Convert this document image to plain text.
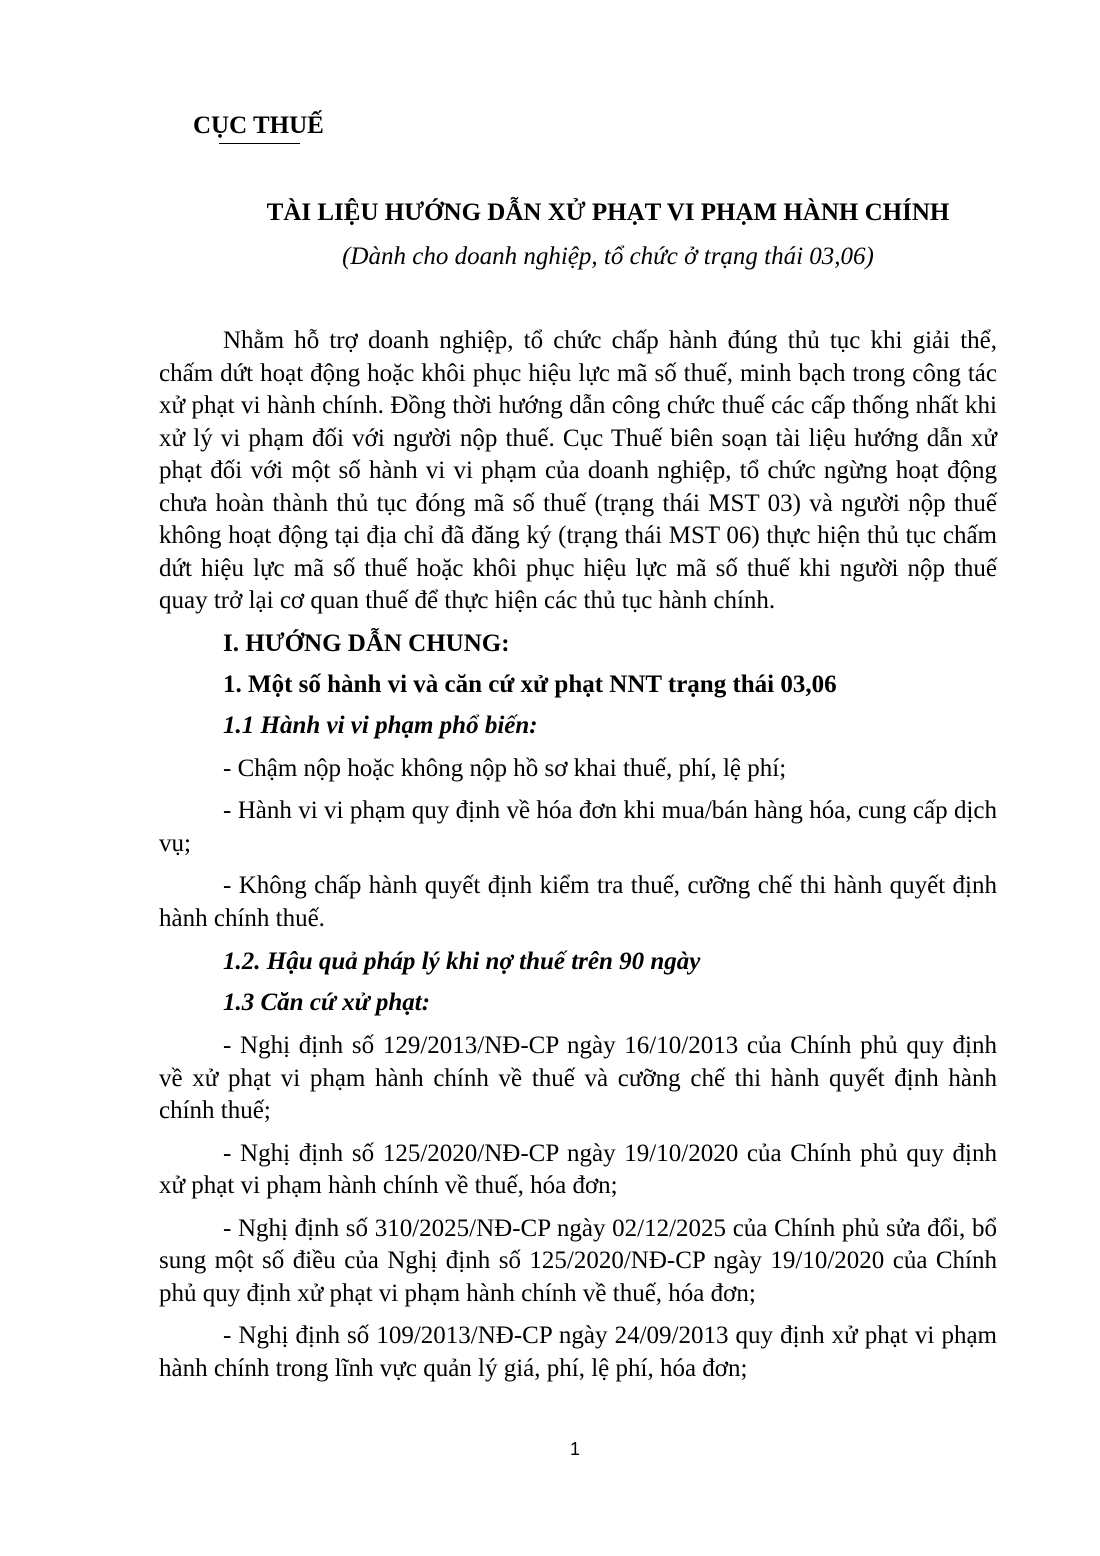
CỤC THUẾ

TÀI LIỆU HƯỚNG DẪN XỬ PHẠT VI PHẠM HÀNH CHÍNH

(Dành cho doanh nghiệp, tổ chức ở trạng thái 03,06)

Nhằm hỗ trợ doanh nghiệp, tổ chức chấp hành đúng thủ tục khi giải thể, chấm dứt hoạt động hoặc khôi phục hiệu lực mã số thuế, minh bạch trong công tác xử phạt vi hành chính. Đồng thời hướng dẫn công chức thuế các cấp thống nhất khi xử lý vi phạm đối với người nộp thuế. Cục Thuế biên soạn tài liệu hướng dẫn xử phạt đối với một số hành vi vi phạm của doanh nghiệp, tổ chức ngừng hoạt động chưa hoàn thành thủ tục đóng mã số thuế (trạng thái MST 03) và người nộp thuế không hoạt động tại địa chỉ đã đăng ký (trạng thái MST 06) thực hiện thủ tục chấm dứt hiệu lực mã số thuế hoặc khôi phục hiệu lực mã số thuế khi người nộp thuế quay trở lại cơ quan thuế để thực hiện các thủ tục hành chính.

I. HƯỚNG DẪN CHUNG:

1. Một số hành vi và căn cứ xử phạt NNT trạng thái 03,06

1.1 Hành vi vi phạm phổ biến:

- Chậm nộp hoặc không nộp hồ sơ khai thuế, phí, lệ phí;

- Hành vi vi phạm quy định về hóa đơn khi mua/bán hàng hóa, cung cấp dịch vụ;

- Không chấp hành quyết định kiểm tra thuế, cưỡng chế thi hành quyết định hành chính thuế.

1.2. Hậu quả pháp lý khi nợ thuế trên 90 ngày

1.3 Căn cứ xử phạt:

- Nghị định số 129/2013/NĐ-CP ngày 16/10/2013 của Chính phủ quy định về xử phạt vi phạm hành chính về thuế và cưỡng chế thi hành quyết định hành chính thuế;

- Nghị định số 125/2020/NĐ-CP ngày 19/10/2020 của Chính phủ quy định xử phạt vi phạm hành chính về thuế, hóa đơn;

- Nghị định số 310/2025/NĐ-CP ngày 02/12/2025 của Chính phủ sửa đổi, bổ sung một số điều của Nghị định số 125/2020/NĐ-CP ngày 19/10/2020 của Chính phủ quy định xử phạt vi phạm hành chính về thuế, hóa đơn;

- Nghị định số 109/2013/NĐ-CP ngày 24/09/2013 quy định xử phạt vi phạm hành chính trong lĩnh vực quản lý giá, phí, lệ phí, hóa đơn;

1
